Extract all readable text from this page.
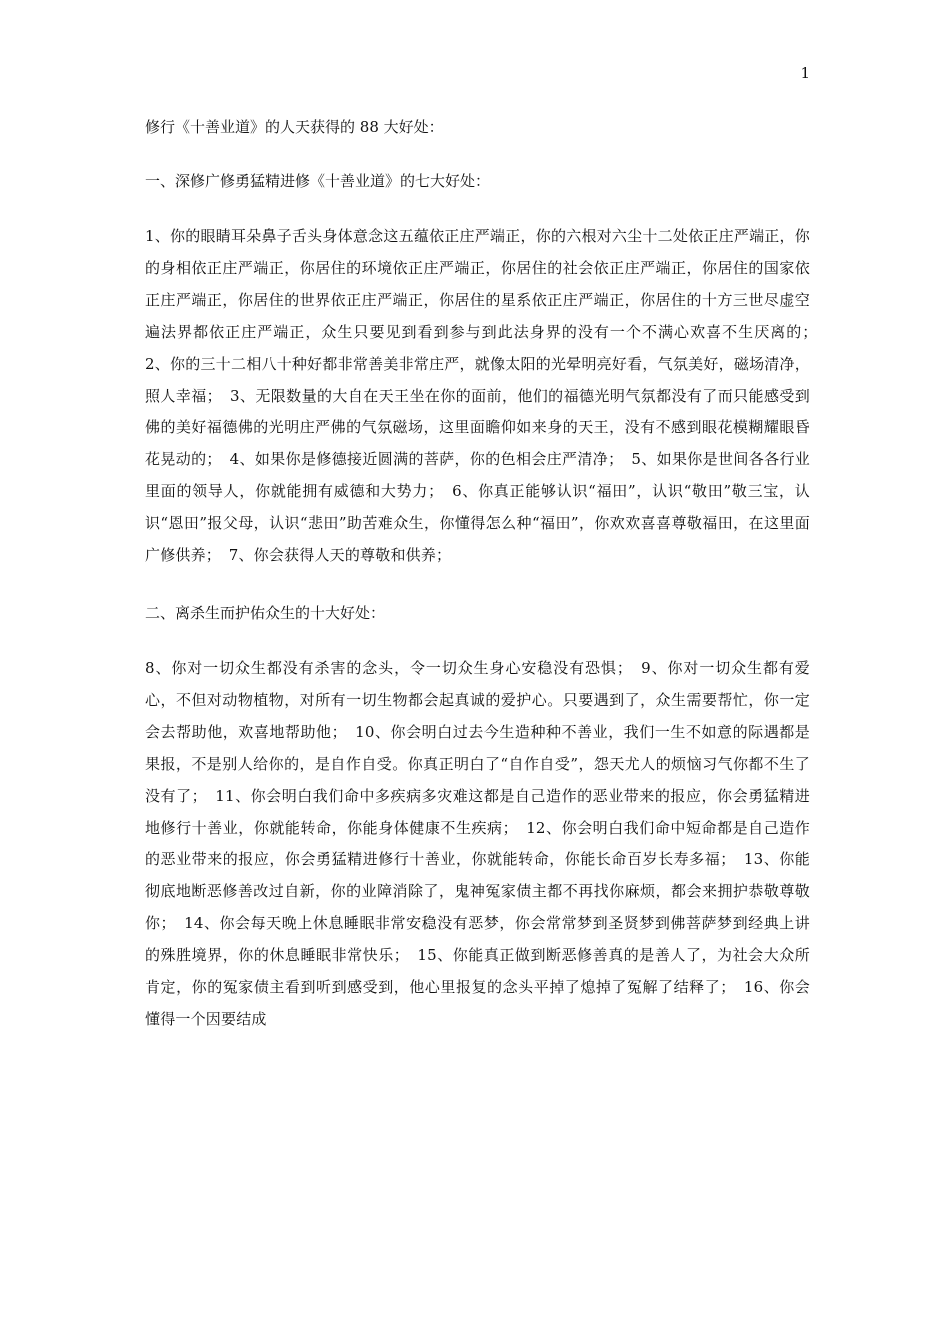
1

修行《十善业道》的人天获得的 88 大好处：

一、深修广修勇猛精进修《十善业道》的七大好处：

1、你的眼睛耳朵鼻子舌头身体意念这五蕴依正庄严端正，你的六根对六尘十二处依正庄严端正，你的身相依正庄严端正，你居住的环境依正庄严端正，你居住的社会依正庄严端正，你居住的国家依正庄严端正，你居住的世界依正庄严端正，你居住的星系依正庄严端正，你居住的十方三世尽虚空遍法界都依正庄严端正，众生只要见到看到参与到此法身界的没有一个不满心欢喜不生厌离的；　2、你的三十二相八十种好都非常善美非常庄严，就像太阳的光晕明亮好看，气氛美好，磁场清净，照人幸福；　3、无限数量的大自在天王坐在你的面前，他们的福德光明气氛都没有了而只能感受到佛的美好福德佛的光明庄严佛的气氛磁场，这里面瞻仰如来身的天王，没有不感到眼花模糊耀眼昏花晃动的；　4、如果你是修德接近圆满的菩萨，你的色相会庄严清净；　5、如果你是世间各各行业里面的领导人，你就能拥有威德和大势力；　6、你真正能够认识“福田”，认识“敬田”敬三宝，认识“恩田”报父母，认识“悲田”助苦难众生，你懂得怎么种“福田”，你欢欢喜喜尊敬福田，在这里面广修供养；　7、你会获得人天的尊敬和供养；

二、离杀生而护佑众生的十大好处：

8、你对一切众生都没有杀害的念头，令一切众生身心安稳没有恐惧；　9、你对一切众生都有爱心，不但对动物植物，对所有一切生物都会起真诚的爱护心。只要遇到了，众生需要帮忙，你一定会去帮助他，欢喜地帮助他；　10、你会明白过去今生造种种不善业，我们一生不如意的际遇都是果报，不是别人给你的，是自作自受。你真正明白了“自作自受”，怨天尤人的烦恼习气你都不生了没有了；　11、你会明白我们命中多疾病多灾难这都是自己造作的恶业带来的报应，你会勇猛精进地修行十善业，你就能转命，你能身体健康不生疾病；　12、你会明白我们命中短命都是自己造作的恶业带来的报应，你会勇猛精进修行十善业，你就能转命，你能长命百岁长寿多福；　13、你能彻底地断恶修善改过自新，你的业障消除了，鬼神冤家债主都不再找你麻烦，都会来拥护恭敬尊敬你；　14、你会每天晚上休息睡眠非常安稳没有恶梦，你会常常梦到圣贤梦到佛菩萨梦到经典上讲的殊胜境界，你的休息睡眠非常快乐；　15、你能真正做到断恶修善真的是善人了，为社会大众所肯定，你的冤家债主看到听到感受到，他心里报复的念头平掉了熄掉了冤解了结释了；　16、你会懂得一个因要结成
